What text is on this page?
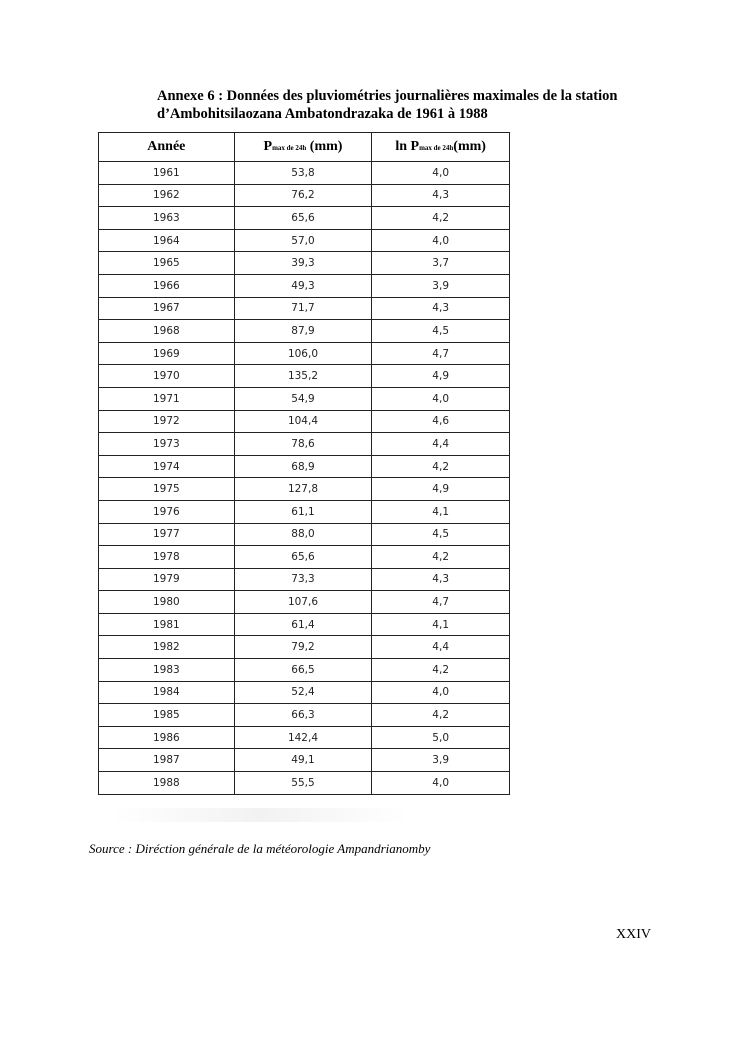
Annexe 6 : Données des pluviométries journalières maximales de la station
d’Ambohitsilaozana Ambatondrazaka de 1961 à 1988
Année	Pmax de 24h (mm)	ln Pmax de 24h(mm)
1961	53,8	4,0
1962	76,2	4,3
1963	65,6	4,2
1964	57,0	4,0
1965	39,3	3,7
1966	49,3	3,9
1967	71,7	4,3
1968	87,9	4,5
1969	106,0	4,7
1970	135,2	4,9
1971	54,9	4,0
1972	104,4	4,6
1973	78,6	4,4
1974	68,9	4,2
1975	127,8	4,9
1976	61,1	4,1
1977	88,0	4,5
1978	65,6	4,2
1979	73,3	4,3
1980	107,6	4,7
1981	61,4	4,1
1982	79,2	4,4
1983	66,5	4,2
1984	52,4	4,0
1985	66,3	4,2
1986	142,4	5,0
1987	49,1	3,9
1988	55,5	4,0
Source : Diréction générale de la météorologie Ampandrianomby
XXIV
